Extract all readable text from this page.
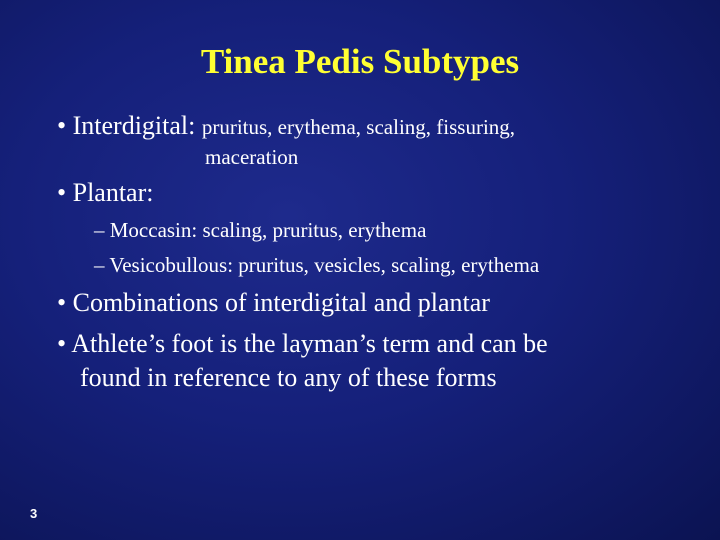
Tinea Pedis Subtypes
• Interdigital: pruritus, erythema, scaling, fissuring,
maceration
• Plantar:
– Moccasin: scaling, pruritus, erythema
– Vesicobullous: pruritus, vesicles, scaling, erythema
• Combinations of interdigital and plantar
• Athlete’s foot is the layman’s term and can be
found in reference to any of these forms
3
